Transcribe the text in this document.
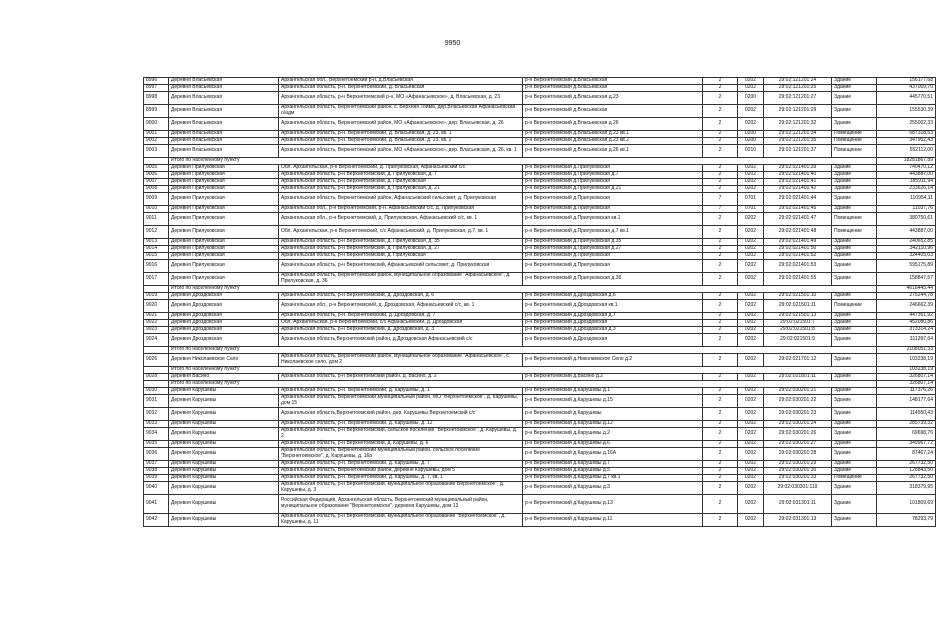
9950
8996	Деревня Власьевская	Архангельская обл., Верхнетоемский р-н, д.Власьевская	р-н Верхнетоемский д.Власьевская	2	0202	29:02:121201:24	Здание	156177,68
8997	Деревня Власьевская	Архангельская область, р-н. Верхнетоемский, д. Власьевская	р-н Верхнетоемский д.Власьевская	2	0202	29:02:121201:25	Здание	437009,70
8998	Деревня Власьевская	Архангельская область, р-н Верхнетоемский р-н, МО «Афанасьевское», д. Власьевская, д. 23	р-н Верхнетоемский д.Власьевская д.23	2	0200	29:02:121201:27	Здание	445770,51
8999	Деревня Власьевская	Архангельская область, Верхнетоемский район, с. Верхняя Тойма, дер.Власьевская Афанасьевская о/адм	р-н Верхнетоемский д.Власьевская	2	0202	29:02:121201:29	Здание	155530,39
9000	Деревня Власьевская	Архангельская область, Верхнетоемский район, МО «Афанасьевское», дер. Власьевская, д. 26	р-н Верхнетоемский д.Власьевская д.26	2	0202	29:02:121201:32	Здание	255002,33
9001	Деревня Власьевская	Архангельская область, р-н. Верхнетоемский, д. Власьевская, д. 23, кв. 1	р-н Верхнетоемский д.Власьевская д.23 кв.1	2	0200	29:02:121201:34	Помещение	687318,53
9002	Деревня Власьевская	Архангельская область, р-н. Верхнетоемский, д. Власьевская, д. 23, кв. 2	р-н Верхнетоемский д.Власьевская д.23 кв.2	2	0200	29:02:121201:35	Помещение	347902,43
9003	Деревня Власьевская	Архангельская область, Верхнетоемский район, МО «Афанасьевское», дер. Власьевская, д. 26, кв. 1	р-н Верхнетоемский д.Власьевская д.26 кв.1	2	0210	29:02:121201:37	Помещение	552112,00
	Итого по населенному пункту							18281867,89
9005	Деревня Прилуковская	Обл. Архангельская, р-н Верхнетоемский, д. Прилуковская, Афанасьевский с/с	р-н Верхнетоемский д.Прилуковская	2	0202	29:02:021401:39	Здание	740470,12
9006	Деревня Прилуковская	Архангельская область, р-н Верхнетоемский, д. Прилуковская, д. 7	р-н Верхнетоемский д.Прилуковская д.7	2	0202	29:02:021401:40	Здание	443887,00
9007	Деревня Прилуковская	Архангельская область, р-н Верхнетоемский, д. Прилуковская	р-н Верхнетоемский д.Прилуковская	2	0202	29:02:021401:41	Здание	185911,94
9008	Деревня Прилуковская	Архангельская область, р-н Верхнетоемский, д. Прилуковская, д. 21	р-н Верхнетоемский д.Прилуковская д.21	2	0202	29:02:021401:42	Здание	233626,14
9009	Деревня Прилуковская	Архангельская область, Верхнетоемский район, Афанасьевский сельсовет, д. Прилуковская	р-н Верхнетоемский д.Прилуковская	7	0701	29:02:021401:44	Здание	110954,11
9010	Деревня Прилуковская	Архангельская обл., р-н Верхнетоемский, р-н. Афанасьевский с/с, д. Прилуковская	р-н Верхнетоемский д.Прилуковская	7	0701	29:02:021401:45	Здание	11037,76
9011	Деревня Прилуковская	Архангельская обл., р-н Верхнетоемский, д. Прилуковская, Афанасьевский с/с, кв. 1	р-н Верхнетоемский д.Прилуковская кв.1	2	0202	29:02:021401:47	Помещение	380750,61
9012	Деревня Прилуковская	Обл. Архангельская, р-н Верхнетоемский, с/с Афанасьевский, д. Прилуковская, д.7, кв. 1	р-н Верхнетоемский д.Прилуковская д.7 кв.1	2	0202	29:02:021401:48	Помещение	443887,00
9013	Деревня Прилуковская	Архангельская область, р-н Верхнетоемский, д. Прилуковская, д. 35	р-н Верхнетоемский д.Прилуковская д.35	2	0202	29:02:021401:49	Здание	240652,85
9014	Деревня Прилуковская	Архангельская область, р-н Верхнетоемский, д. Прилуковская, д. 27	р-н Верхнетоемский д.Прилуковская д.27	2	0202	29:02:021401:50	Здание	342110,96
9015	Деревня Прилуковская	Архангельская область, р-н Верхнетоемский, д. Прилуковская	р-н Верхнетоемский д.Прилуковская	2	0202	29:02:021401:52	Здание	324405,03
9016	Деревня Прилуковская	Архангельская область, р-н Верхнетоемский, Афанасьевский сельсовет, д. Прилуковская	р-н Верхнетоемский д.Прилуковская	2	0202	29:02:021401:53	Здание	595175,89
9017	Деревня Прилуковская	Архангельская область, Верхнетоемский район, муниципальное образование "Афанасьевское", д. Прилуковская, д. 36	р-н Верхнетоемский д.Прилуковская д.36	2	0202	29:02:021401:55	Здание	158847,57
	Итого по населенному пункту							4616445,44
9019	Деревня Дроздовская	Архангельская область, р-н Верхнетоемский, д. Дроздовская, д. 6	р-н Верхнетоемский д.Дроздовская д.6	2	0202	29:02:021501:10	Здание	275244,78
9020	Деревня Дроздовская	Архангельская обл., р-н Верхнетоемский, д. Дроздовская, Афанасьевский с/с, кв. 1	р-н Верхнетоемский д.Дроздовская кв.1	2	0202	29:02:021501:11	Помещение	246662,39
9021	Деревня Дроздовская	Архангельская область, р-н. Верхнетоемский, д. Дроздовская, д. 7	р-н Верхнетоемский д.Дроздовская д.7	2	0202	29:02:021501:13	Здание	447351,92
9022	Деревня Дроздовская	Обл. Архангельская, р-н Верхнетоемский, с/с Афанасьевский, д. Дроздовская	р-н Верхнетоемский д.Дроздовская	2	0202	29:02:021501:7	Здание	452080,86
9023	Деревня Дроздовская	Архангельская область, р-н Верхнетоемский, д. Дроздовская, д. 3	р-н Верхнетоемский д.Дроздовская д.3	2	0202	29:02:021501:8	Здание	373314,24
9024	Деревня Дроздовская	Архангельская область,Верхнетоемский район, д.Дроздовская Афанасьевский с/с	р-н Верхнетоемский д.Дроздовская	2	0202	29:02:021501:9	Здание	311397,64
	Итого по населенному пункту							2108051,33
9026	Деревня Николаевское Село	Архангельская область, Верхнетоемский район, муниципальное образование "Афанасьевское", с. Николаевское село, дом 2	р-н Верхнетоемский д.Николаевское Село д.2	2	0202	29:02:021701:12	Здание	103238,19
	Итого по населенному пункту							103238,19
9028	Деревня Васино	Архангельская область, р-н Верхнетоемский район, д. Васино, д. 2	р-н Верхнетоемский д.Васино д.2	2	0202	29:02:021801:11	Здание	326807,14
	Итого по населенному пункту							326807,14
9030	Деревня Карушевы	Архангельская область, р-н. Верхнетоемский, д. Карушевы, д. 1	р-н Верхнетоемский д.Карушевы д.1	2	0202	29:02:030201:21	Здание	117376,26
9031	Деревня Карушевы	Архангельская область, Верхнетоемский муниципальный район, МО "Верхнетоемское", д. Карушевы, дом 15	р-н Верхнетоемский д.Карушевы д.15	2	0202	29:02:030201:22	Здание	148177,64
9032	Деревня Карушевы	Архангельская область,Верхнетоемский район, дер. Карушевы Верхнетоемский с/с	р-н Верхнетоемский д.Карушевы	2	0202	29:02:030201:23	Здание	114550,43
9033	Деревня Карушевы	Архангельская область, р-н. Верхнетоемский, д. Карушевы, д. 12	р-н Верхнетоемский д.Карушевы д.12	2	0202	29:02:030201:24	Здание	285739,32
9034	Деревня Карушевы	Архангельская область, р-н Верхнетоемский, сельское поселение "Верхнетоемское", д. Карушевы, д. 2	р-н Верхнетоемский д.Карушевы д.2	2	0202	29:02:030201:26	Здание	69698,76
9035	Деревня Карушевы	Архангельская область, р-н Верхнетоемский, д. Карушевы, д. 6	р-н Верхнетоемский д.Карушевы д.6	2	0202	29:02:030201:27	Здание	349967,72
9036	Деревня Карушевы	Архангельская область, Верхнетоемский муниципальный район, сельское поселение "Верхнетоемское", д. Карушевы, д. 16а	р-н Верхнетоемский д.Карушевы д.16А	2	0202	29:02:030201:28	Здание	87467,24
9037	Деревня Карушевы	Архангельская область, р-н. Верхнетоемский, д. Карушевы, д. 7	р-н Верхнетоемский д.Карушевы д.7	2	0202	29:02:030201:29	Здание	267732,50
9038	Деревня Карушевы	Архангельская область, Верхнетоемский район, деревня Карушевы, дом 5	р-н Верхнетоемский д.Карушевы д.5	2	0202	29:02:030201:30	Здание	128843,50
9039	Деревня Карушевы	Архангельская область, р-н. Верхнетоемский, д. Карушевы, д. 7, кв. 1	р-н Верхнетоемский д.Карушевы д.7 кв.1	2	0202	29:02:030201:33	Помещение	267732,50
9040	Деревня Карушевы	Архангельская область, р-н Верхнетоемский, муниципальное образование"Верхнетоемское", д. Карушевы, д. 3	р-н Верхнетоемский д.Карушевы д.3	2	0202	29:02:030301:119	Здание	318379,95
9041	Деревня Карушевы	Российская Федерация, Архангельская область, Верхнетоемский муниципальный район, муниципальное образование "Верхнетоемское", деревня Карушевы, дом 13	р-н Верхнетоемский д.Карушевы д.13	2	0202	29:02:031301:11	Здание	101809,69
9042	Деревня Карушевы	Архангельская область, р-н Верхнетоемский, муниципальное образование "Верхнетоемское", д. Карушевы, д. 11	р-н Верхнетоемский д.Карушевы д.11	2	0202	29:02:031301:13	Здание	78293,79
